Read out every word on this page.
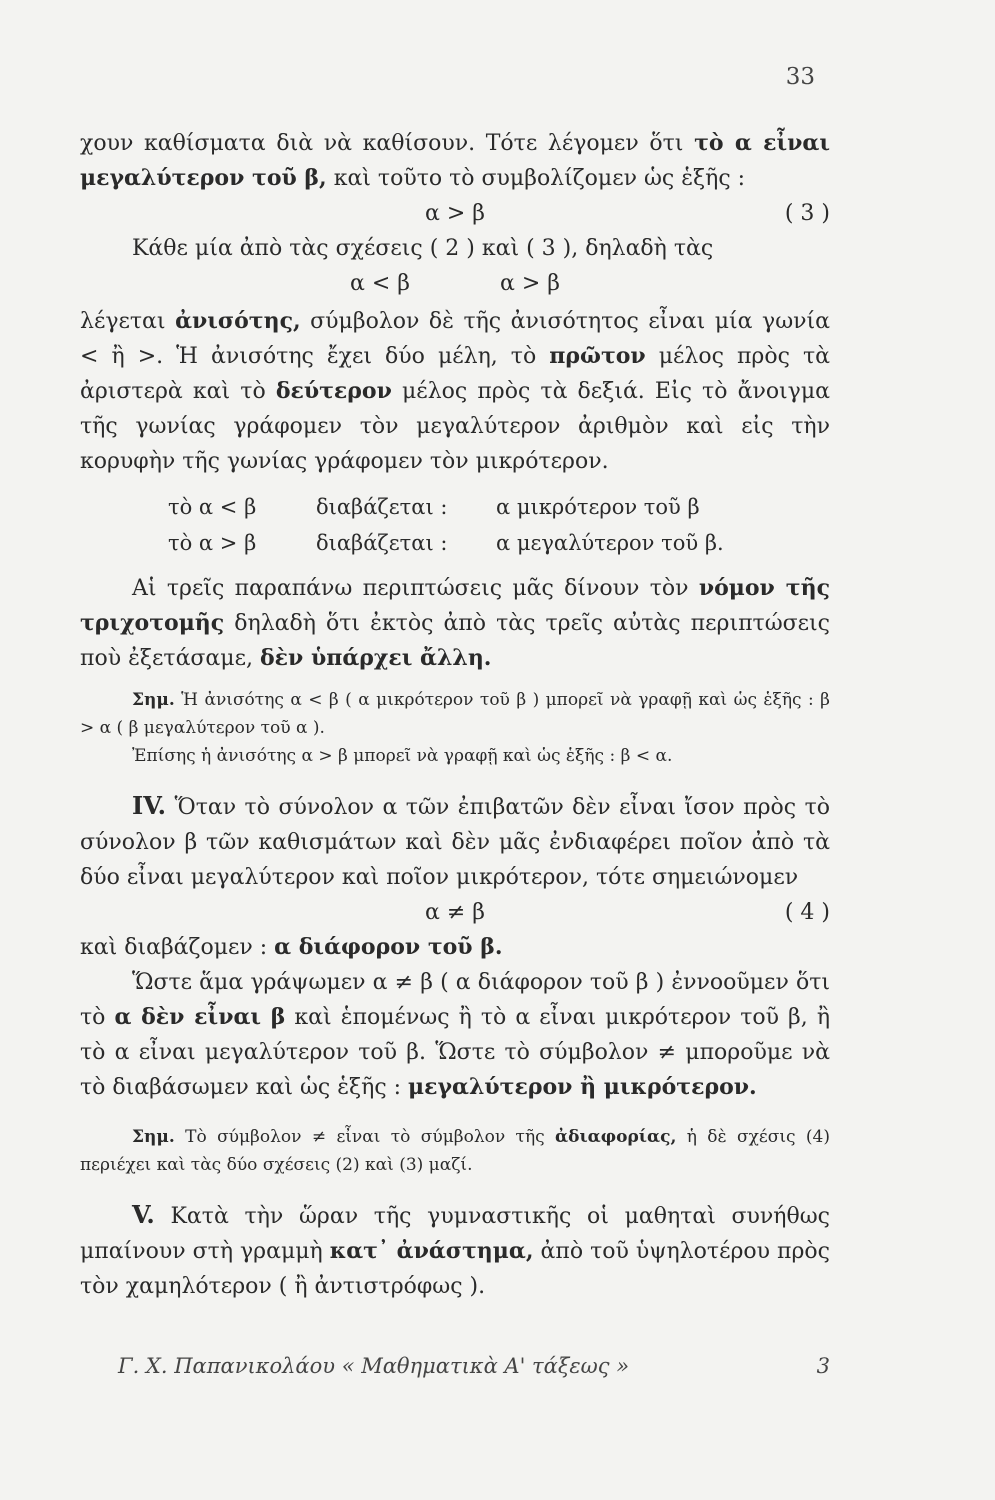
33

χουν καθίσματα διὰ νὰ καθίσουν. Τότε λέγομεν ὅτι τὸ α εἶναι μεγαλύτερον τοῦ β, καὶ τοῦτο τὸ συμβολίζομεν ὡς ἑξῆς :

α > β	( 3 )

Κάθε μία ἀπὸ τὰς σχέσεις ( 2 ) καὶ ( 3 ), δηλαδὴ τὰς

α < β	α > β

λέγεται ἀνισότης, σύμβολον δὲ τῆς ἀνισότητος εἶναι μία γωνία < ἢ >. Ἡ ἀνισότης ἔχει δύο μέλη, τὸ πρῶτον μέλος πρὸς τὰ ἀριστερὰ καὶ τὸ δεύτερον μέλος πρὸς τὰ δεξιά. Εἰς τὸ ἄνοιγμα τῆς γωνίας γράφομεν τὸν μεγαλύτερον ἀριθμὸν καὶ εἰς τὴν κορυφὴν τῆς γωνίας γράφομεν τὸν μικρότερον.

τὸ α < β	διαβάζεται : α μικρότερον τοῦ β
τὸ α > β	διαβάζεται : α μεγαλύτερον τοῦ β.

Αἱ τρεῖς παραπάνω περιπτώσεις μᾶς δίνουν τὸν νόμον τῆς τριχοτομῆς δηλαδὴ ὅτι ἐκτὸς ἀπὸ τὰς τρεῖς αὐτὰς περιπτώσεις ποὺ ἐξετάσαμε, δὲν ὑπάρχει ἄλλη.

Σημ. Ἡ ἀνισότης α < β ( α μικρότερον τοῦ β ) μπορεῖ νὰ γραφῇ καὶ ὡς ἑξῆς : β > α ( β μεγαλύτερον τοῦ α ).

Ἐπίσης ἡ ἀνισότης α > β μπορεῖ νὰ γραφῇ καὶ ὡς ἑξῆς : β < α.

IV. Ὅταν τὸ σύνολον α τῶν ἐπιβατῶν δὲν εἶναι ἴσον πρὸς τὸ σύνολον β τῶν καθισμάτων καὶ δὲν μᾶς ἐνδιαφέρει ποῖον ἀπὸ τὰ δύο εἶναι μεγαλύτερον καὶ ποῖον μικρότερον, τότε σημειώνομεν

α ≠ β	( 4 )

καὶ διαβάζομεν : α διάφορον τοῦ β.

Ὥστε ἅμα γράψωμεν α ≠ β ( α διάφορον τοῦ β ) ἐννοοῦμεν ὅτι τὸ α δὲν εἶναι β καὶ ἑπομένως ἢ τὸ α εἶναι μικρότερον τοῦ β, ἢ τὸ α εἶναι μεγαλύτερον τοῦ β. Ὥστε τὸ σύμβολον ≠ μποροῦμε νὰ τὸ διαβάσωμεν καὶ ὡς ἑξῆς : μεγαλύτερον ἢ μικρότερον.

Σημ. Τὸ σύμβολον ≠ εἶναι τὸ σύμβολον τῆς ἀδιαφορίας, ἡ δὲ σχέσις (4) περιέχει καὶ τὰς δύο σχέσεις (2) καὶ (3) μαζί.

V. Κατὰ τὴν ὥραν τῆς γυμναστικῆς οἱ μαθηταὶ συνήθως μπαίνουν στὴ γραμμὴ κατ᾽ ἀνάστημα, ἀπὸ τοῦ ὑψηλοτέρου πρὸς τὸν χαμηλότερον ( ἢ ἀντιστρόφως ).

Γ. Χ. Παπανικολάου « Μαθηματικὰ Α' τάξεως »	3
